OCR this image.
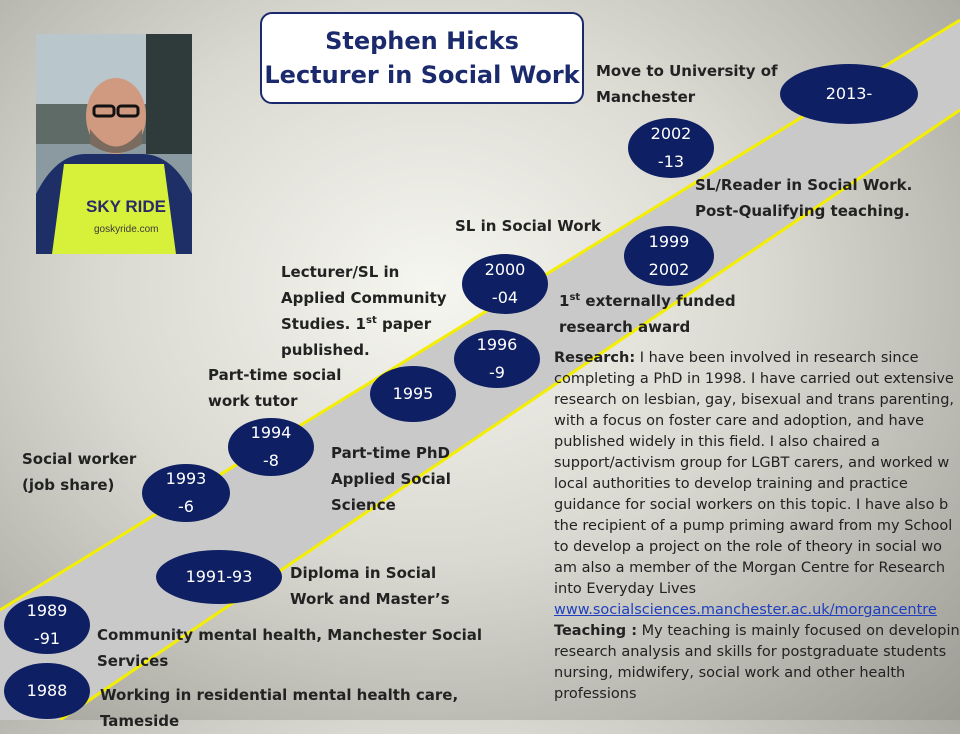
Stephen Hicks
Lecturer in Social Work
SKY RIDE
goskyride.com
1988
1989
-91
1991-93
1993
-6
1994
-8
1995
1996
-9
2000
-04
1999
2002
2002
-13
2013-
Working in residential mental health care,
Tameside
Community mental health, Manchester Social
Services
Diploma in Social
Work and Master’s
Social worker
(job share)
Part-time social
work tutor
Part-time PhD
Applied Social
Science
Lecturer/SL in
Applied Community
Studies. 1st paper
published.
1st externally funded
research award
SL in Social Work
SL/Reader in Social Work.
Post-Qualifying teaching.
Move to University of
Manchester
Research: I have been involved in research since
completing a PhD in 1998. I have carried out extensive
research on lesbian, gay, bisexual and trans parenting,
with a focus on foster care and adoption, and have
published widely in this field. I also chaired a
support/activism group for LGBT carers, and worked w
local authorities to develop training and practice
guidance for social workers on this topic. I have also b
the recipient of a pump priming award from my School
to develop a project on the role of theory in social wo
am also a member of the Morgan Centre for Research
into Everyday Lives
www.socialsciences.manchester.ac.uk/morgancentre
Teaching : My teaching is mainly focused on developin
research analysis and skills for postgraduate students
nursing, midwifery, social work and other health
professions
